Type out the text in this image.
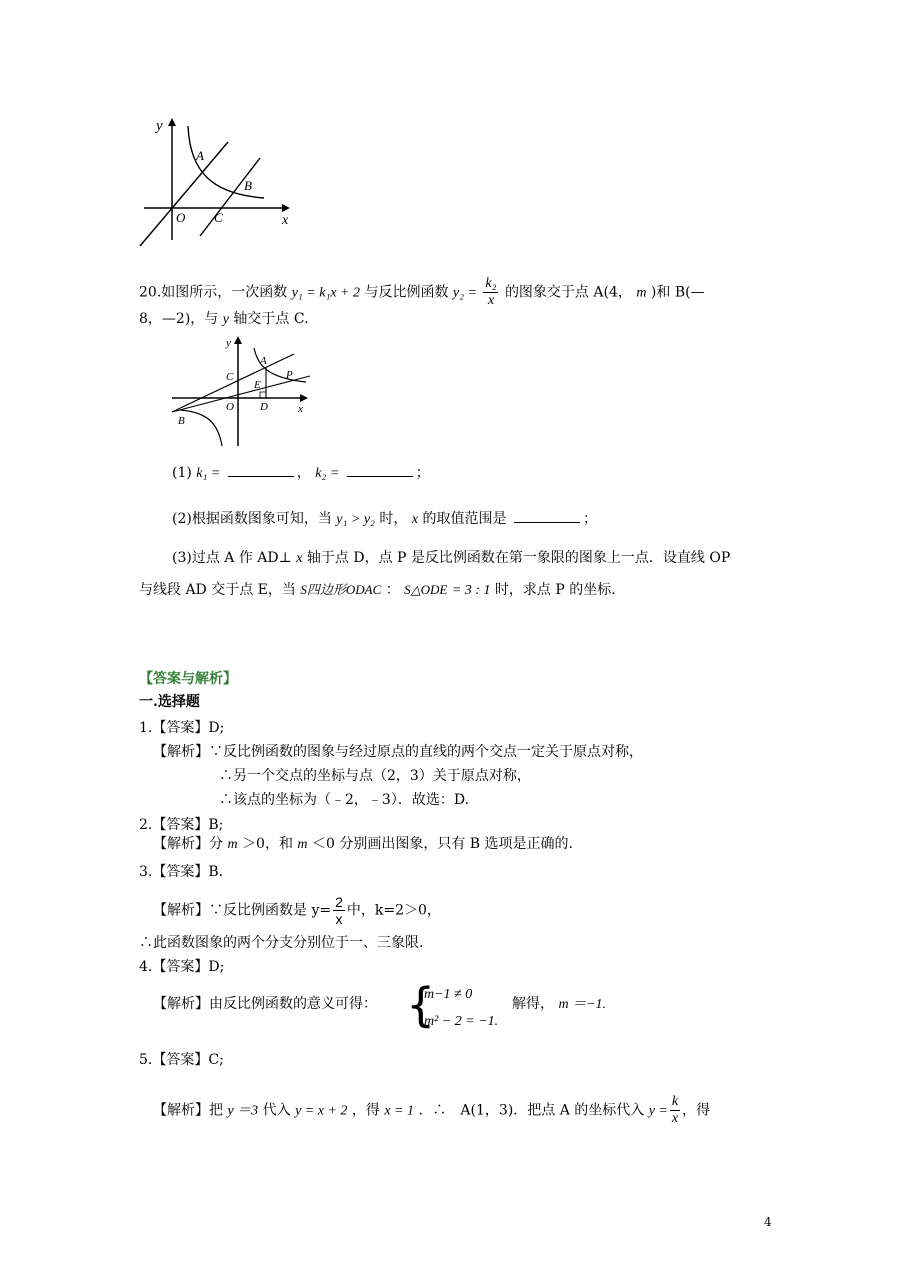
y
A
B
O C	x
20.如图所示，一次函数 y₁ = k₁x + 2 与反比例函数 $y_2 = \frac{\text{k₂}}{x}$ 的图象交于点 A(4， m )和 B(—
8，—2)，与 y 轴交于点 C.
y
A
C
E
P
O D	x
B
(1) k₁ =	， k₂ =	；
(2)根据函数图象可知，当 y₁ > y₂ 时， x 的取值范围是	；
(3)过点 A 作 AD⊥ x 轴于点 D，点 P 是反比例函数在第一象限的图象上一点．设直线 OP
与线段 AD 交于点 E，当 S四边形ODAC ： S△ODE = 3 : 1 时，求点 P 的坐标.
【答案与解析】
一.选择题
1.【答案】D;
【解析】∵反比例函数的图象与经过原点的直线的两个交点一定关于原点对称，
∴另一个交点的坐标与点（2，3）关于原点对称，
∴该点的坐标为（﹣2，﹣3）．故选：D.
2.【答案】B;
【解析】分 m ＞0，和 m ＜0 分别画出图象，只有 B 选项是正确的.
3.【答案】B．
【解析】∵反比例函数是 $y= \frac{2}{x}$ 中，k=2＞0，
∴此函数图象的两个分支分别位于一、三象限.
4.【答案】D;
【解析】由反比例函数的意义可得： {
m−1 ≠ 0
m² − 2 = −1.
解得， m ＝−1.
5.【答案】C;
【解析】把 y ＝3 代入 y = x + 2 ，得 x = 1 ．∴　A(1，3)．把点 A 的坐标代入 $y = \frac{k}{x}$ ，得
4
